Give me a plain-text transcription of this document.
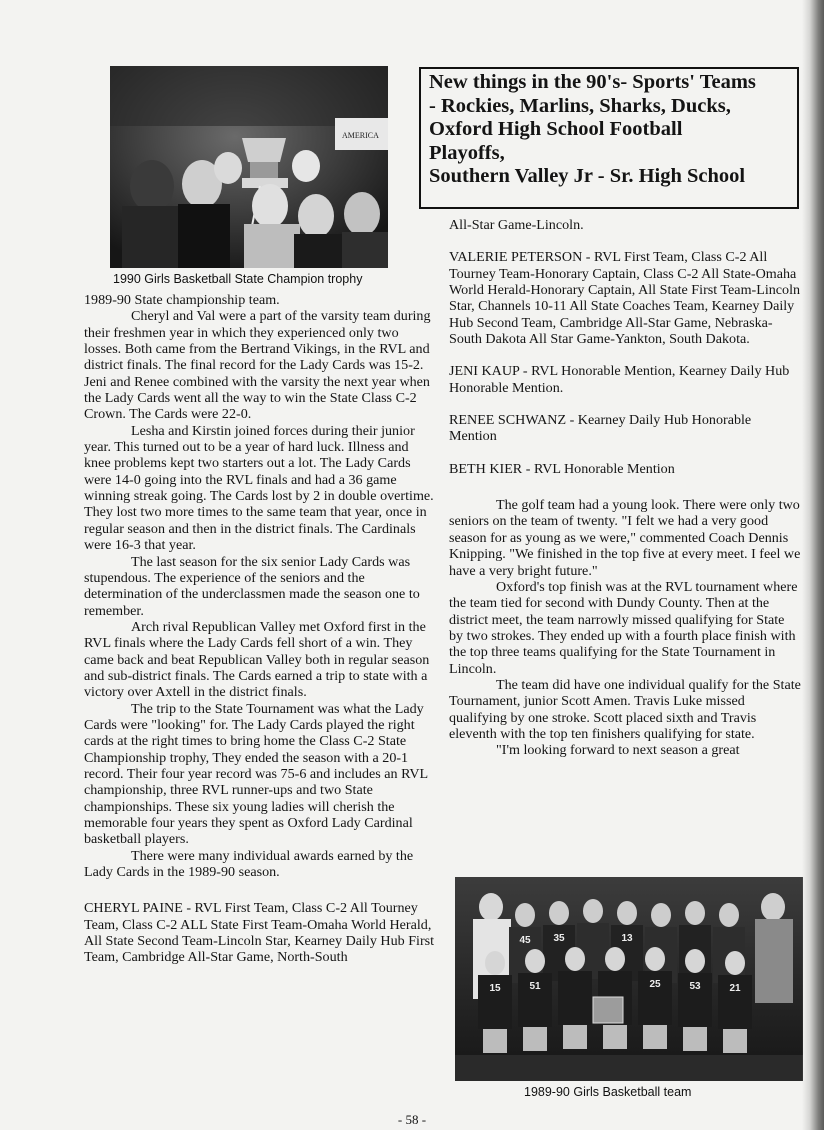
AMERICA
1990 Girls Basketball State Champion trophy
New things in the 90's- Sports' Teams
- Rockies, Marlins, Sharks, Ducks,
Oxford High School Football
Playoffs,
Southern Valley Jr - Sr. High School

1989-90 State championship team.

Cheryl and Val were a part of the varsity team during their freshmen year in which they experienced only two losses. Both came from the Bertrand Vikings, in the RVL and district finals. The final record for the Lady Cards was 15-2. Jeni and Renee combined with the varsity the next year when the Lady Cards went all the way to win the State Class C-2 Crown. The Cards were 22-0.

Lesha and Kirstin joined forces during their junior year. This turned out to be a year of hard luck. Illness and knee problems kept two starters out a lot. The Lady Cards were 14-0 going into the RVL finals and had a 36 game winning streak going. The Cards lost by 2 in double overtime. They lost two more times to the same team that year, once in regular season and then in the district finals. The Cardinals were 16-3 that year.

The last season for the six senior Lady Cards was stupendous. The experience of the seniors and the determination of the underclassmen made the season one to remember.

Arch rival Republican Valley met Oxford first in the RVL finals where the Lady Cards fell short of a win. They came back and beat Republican Valley both in regular season and sub-district finals. The Cards earned a trip to state with a victory over Axtell in the district finals.

The trip to the State Tournament was what the Lady Cards were "looking" for. The Lady Cards played the right cards at the right times to bring home the Class C-2 State Championship trophy, They ended the season with a 20-1 record. Their four year record was 75-6 and includes an RVL championship, three RVL runner-ups and two State championships. These six young ladies will cherish the memorable four years they spent as Oxford Lady Cardinal basketball players.

There were many individual awards earned by the Lady Cards in the 1989-90 season.

CHERYL PAINE - RVL First Team, Class C-2 All Tourney Team, Class C-2 ALL State First Team-Omaha World Herald, All State Second Team-Lincoln Star, Kearney Daily Hub First Team, Cambridge All-Star Game, North-South

All-Star Game-Lincoln.

VALERIE PETERSON - RVL First Team, Class C-2 All Tourney Team-Honorary Captain, Class C-2 All State-Omaha World Herald-Honorary Captain, All State First Team-Lincoln Star, Channels 10-11 All State Coaches Team, Kearney Daily Hub Second Team, Cambridge All-Star Game, Nebraska-South Dakota All Star Game-Yankton, South Dakota.

JENI KAUP - RVL Honorable Mention, Kearney Daily Hub Honorable Mention.

RENEE SCHWANZ - Kearney Daily Hub Honorable Mention

BETH KIER - RVL Honorable Mention

The golf team had a young look. There were only two seniors on the team of twenty. "I felt we had a very good season for as young as we were," commented Coach Dennis Knipping. "We finished in the top five at every meet. I feel we have a very bright future."

Oxford's top finish was at the RVL tournament where the team tied for second with Dundy County. Then at the district meet, the team narrowly missed qualifying for State by two strokes. They ended up with a fourth place finish with the top three teams qualifying for the State Tournament in Lincoln.

The team did have one individual qualify for the State Tournament, junior Scott Amen. Travis Luke missed qualifying by one stroke. Scott placed sixth and Travis eleventh with the top ten finishers qualifying for state.

"I'm looking forward to next season a great

45 35	13
15	51	25	53	21
1989-90 Girls Basketball team
- 58 -
